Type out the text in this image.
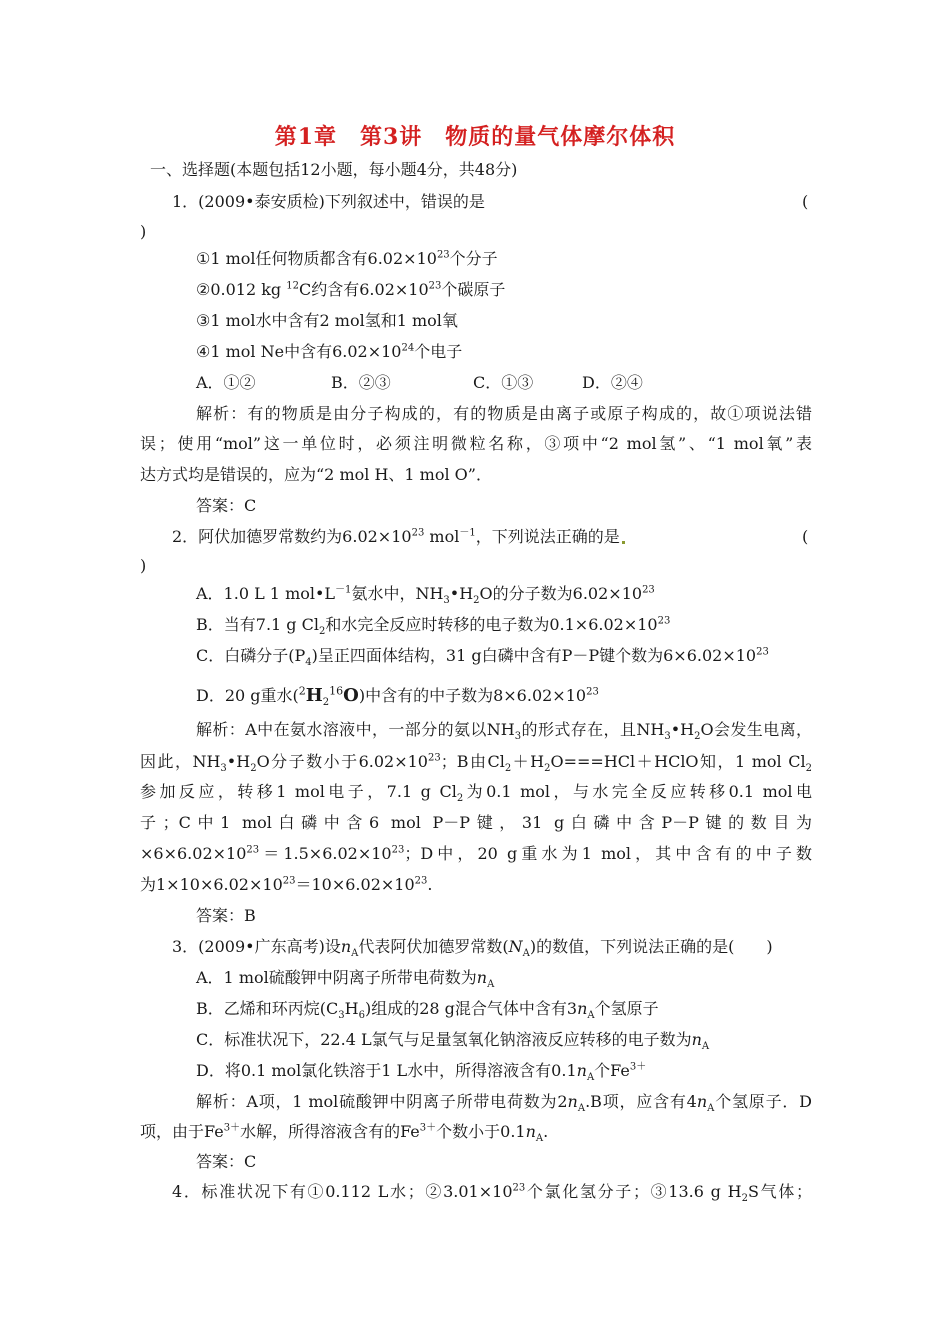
第1章　第3讲　物质的量气体摩尔体积
一、选择题(本题包括12小题，每小题4分，共48分)
1．(2009•泰安质检)下列叙述中，错误的是	(
)
①1 mol任何物质都含有$6.02\times 10^{23}$个分子
②0.012 kg $^{12}$C约含有$6.02\times 10^{23}$个碳原子
③1 mol水中含有2 mol氢和1 mol氧
④1 mol Ne中含有$6.02\times 10^{24}$个电子
A．①②	B．②③	C．①③	D．②④
解析：有的物质是由分子构成的，有的物质是由离子或原子构成的，故①项说法错
误；使用“mol”这一单位时，必须注明微粒名称，③项中“2 mol氢”、“1 mol氧”表
达方式均是错误的，应为“2 mol H、1 mol O”．
答案：C
2．阿伏加德罗常数约为$6.02\times 10^{23}$ mol$^{-1}$，下列说法正确的是	(
)
A．1.0 L 1 $mol•L^{-1}$氨水中，$NH_3•H_2O$的分子数为$6.02\times 10^{23}$
B．当有7.1 g $Cl_2$和水完全反应时转移的电子数为$0.1\times 6.02\times 10^{23}$
C．白磷分子$(P_4)$呈正四面体结构，31 g白磷中含有P－P键个数为$6\times 6.02\times 10^{23}$
D．20 g重水$(^2H_2^{16}O)$中含有的中子数为$8\times 6.02\times 10^{23}$
解析：A中在氨水溶液中，一部分的氨以$NH_3$的形式存在，且$NH_3•H_2O$会发生电离，
因此，$NH_3•H_2O$分子数小于$6.02\times 10^{23}$；B由$Cl_2+H_2O===HCl+HClO$知，1 mol $Cl_2$
参加反应，转移1 mol电子，7.1 g $Cl_2$为0.1 mol，与水完全反应转移0.1 mol电
子；C中1 mol白磷中含6 mol P－P键，31 g白磷中含P－P键的数目为
$\times 6\times 6.02\times 10^{23}=1.5\times 6.02\times 10^{23}$；D中，20 g重水为1 mol，其中含有的中子数
为$1\times 10\times 6.02\times 10^{23}=10\times 6.02\times 10^{23}$.
答案：B
3．(2009•广东高考)设$n_A$代表阿伏加德罗常数$(N_A)$的数值，下列说法正确的是(　　)
A．1 mol硫酸钾中阴离子所带电荷数为$n_A$
B．乙烯和环丙烷$(C_3H_6)$组成的28 g混合气体中含有$3n_A$个氢原子
C．标准状况下，22.4 L氯气与足量氢氧化钠溶液反应转移的电子数为$n_A$
D．将0.1 mol氯化铁溶于1 L水中，所得溶液含有$0.1n_A$个$Fe^{3+}$
解析：A项，1 mol硫酸钾中阴离子所带电荷数为$2n_A.B$项，应含有$4n_A$个氢原子．D
项，由于$Fe^{3+}$水解，所得溶液含有的$Fe^{3+}$个数小于$0.1n_A$.
答案：C
4．标准状况下有①0.112 L水；$②3.01\times 10^{23}$个氯化氢分子；③13.6 g $H_2S$气体；
